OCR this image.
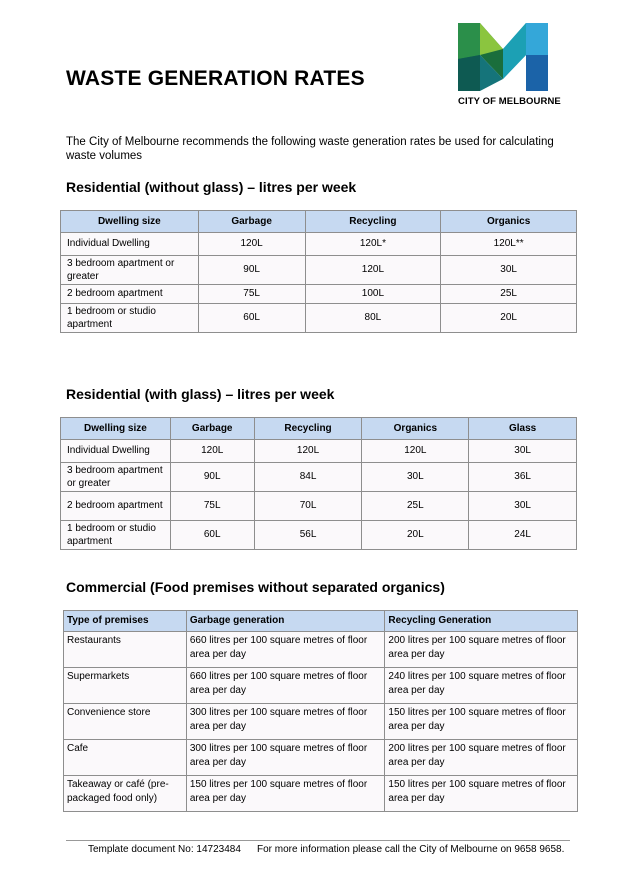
CITY OF MELBOURNE
WASTE GENERATION RATES

The City of Melbourne recommends the following waste generation rates be used for calculating waste volumes

Residential (without glass) – litres per week
Dwelling size	Garbage	Recycling	Organics
Individual Dwelling	120L	120L*	120L**
3 bedroom apartment or greater	90L	120L	30L
2 bedroom apartment	75L	100L	25L
1 bedroom or studio apartment	60L	80L	20L
Residential (with glass) – litres per week
Dwelling size	Garbage	Recycling	Organics	Glass
Individual Dwelling	120L	120L	120L	30L
3 bedroom apartment or greater	90L	84L	30L	36L
2 bedroom apartment	75L	70L	25L	30L
1 bedroom or studio apartment	60L	56L	20L	24L
Commercial (Food premises without separated organics)
Type of premises	Garbage generation	Recycling Generation
Restaurants	660 litres per 100 square metres of floor area per day	200 litres per 100 square metres of floor area per day
Supermarkets	660 litres per 100 square metres of floor area per day	240 litres per 100 square metres of floor area per day
Convenience store	300 litres per 100 square metres of floor area per day	150 litres per 100 square metres of floor area per day
Cafe	300 litres per 100 square metres of floor area per day	200 litres per 100 square metres of floor area per day
Takeaway or café (pre-packaged food only)	150 litres per 100 square metres of floor area per day	150 litres per 100 square metres of floor area per day
Template document No: 14723484 For more information please call the City of Melbourne on 9658 9658.
